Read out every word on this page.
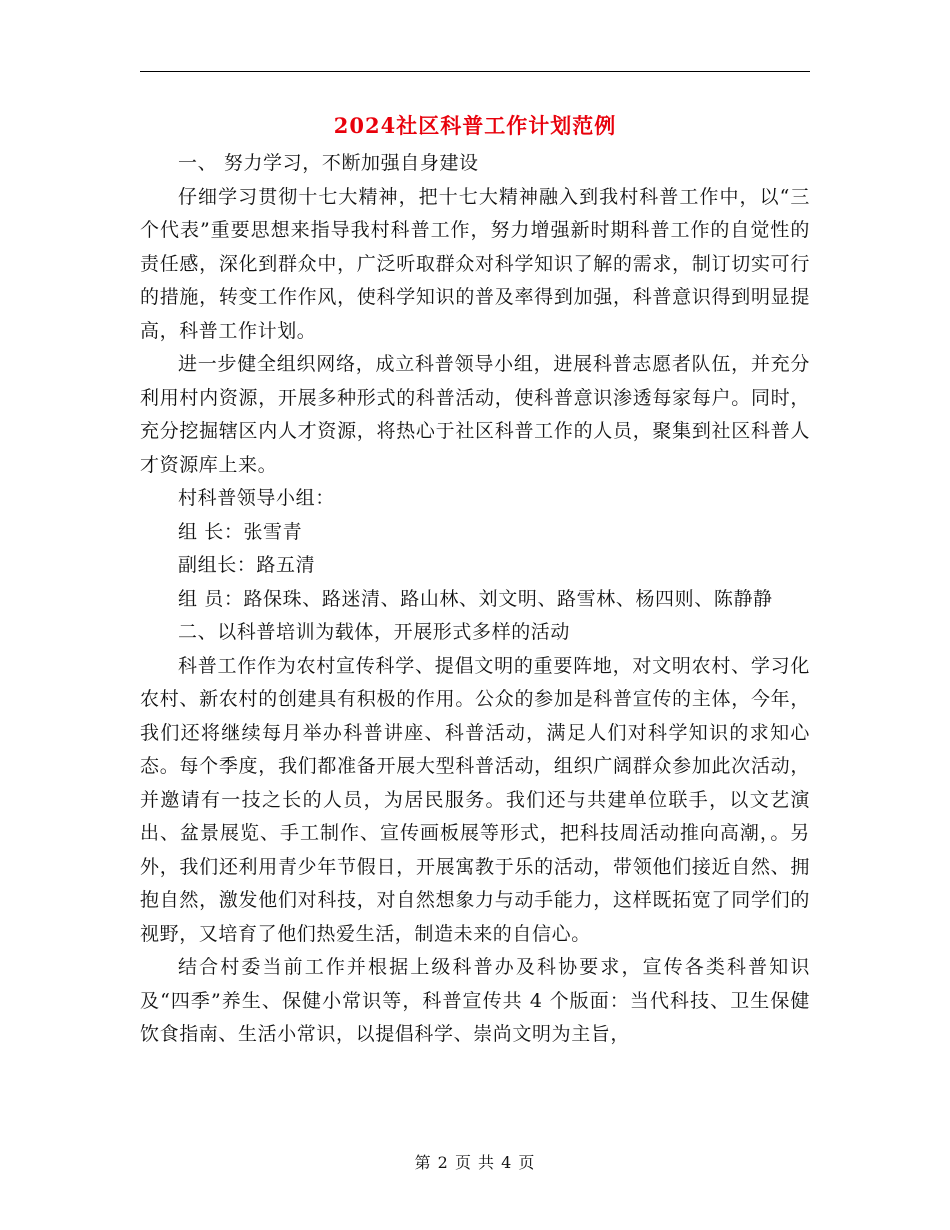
2024社区科普工作计划范例

一、 努力学习，不断加强自身建设

仔细学习贯彻十七大精神，把十七大精神融入到我村科普工作中，以“三个代表”重要思想来指导我村科普工作，努力增强新时期科普工作的自觉性的责任感，深化到群众中，广泛听取群众对科学知识了解的需求，制订切实可行的措施，转变工作作风，使科学知识的普及率得到加强，科普意识得到明显提高，科普工作计划。

进一步健全组织网络，成立科普领导小组，进展科普志愿者队伍，并充分利用村内资源，开展多种形式的科普活动，使科普意识渗透每家每户。同时，充分挖掘辖区内人才资源，将热心于社区科普工作的人员，聚集到社区科普人才资源库上来。

村科普领导小组：

组 长：张雪青

副组长：路五清

组 员：路保珠、路迷清、路山林、刘文明、路雪林、杨四则、陈静静

二、以科普培训为载体，开展形式多样的活动

科普工作作为农村宣传科学、提倡文明的重要阵地，对文明农村、学习化农村、新农村的创建具有积极的作用。公众的参加是科普宣传的主体，今年，我们还将继续每月举办科普讲座、科普活动，满足人们对科学知识的求知心态。每个季度，我们都准备开展大型科普活动，组织广阔群众参加此次活动，并邀请有一技之长的人员，为居民服务。我们还与共建单位联手，以文艺演出、盆景展览、手工制作、宣传画板展等形式，把科技周活动推向高潮，。另外，我们还利用青少年节假日，开展寓教于乐的活动，带领他们接近自然、拥抱自然，激发他们对科技，对自然想象力与动手能力，这样既拓宽了同学们的视野，又培育了他们热爱生活，制造未来的自信心。

结合村委当前工作并根据上级科普办及科协要求，宣传各类科普知识及“四季”养生、保健小常识等，科普宣传共 4 个版面：当代科技、卫生保健饮食指南、生活小常识，以提倡科学、崇尚文明为主旨，

第 2 页 共 4 页
